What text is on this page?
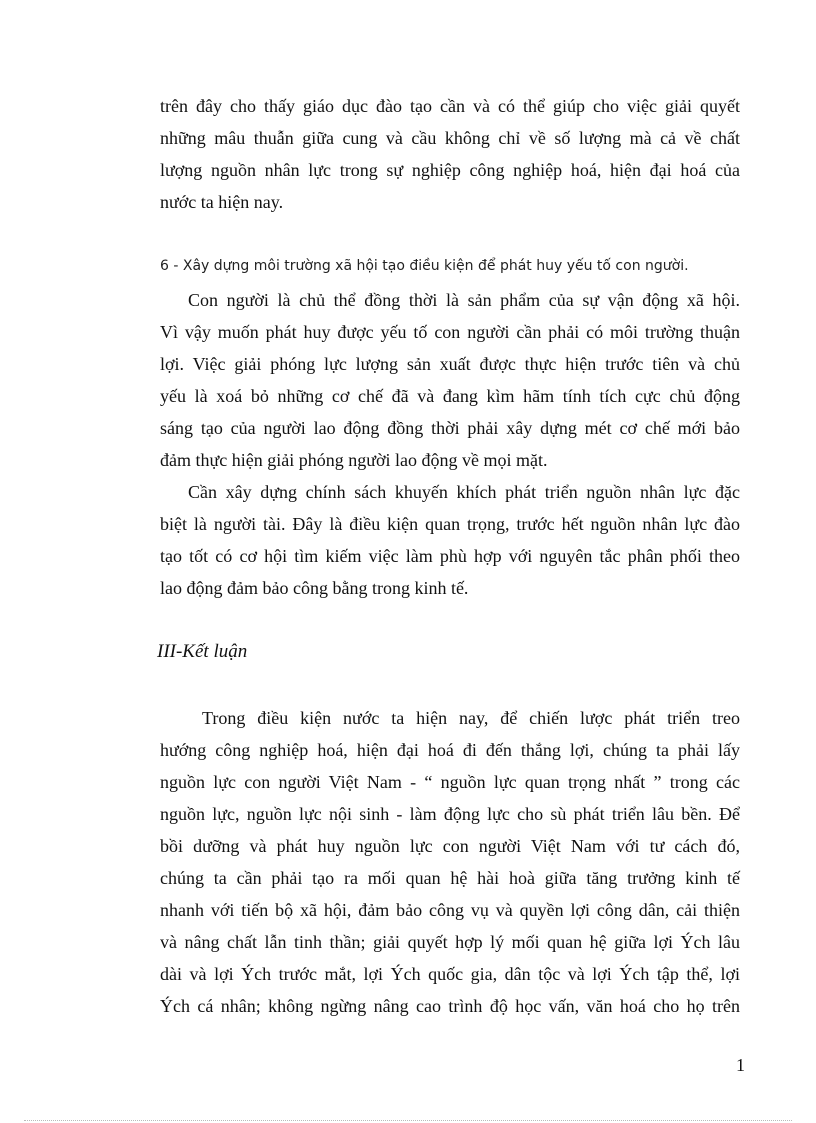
trên đây cho thấy giáo dục đào tạo cần và có thể giúp cho việc giải quyết
những mâu thuẫn giữa cung và cầu không chỉ về số lượng mà cả về chất
lượng nguồn nhân lực trong sự nghiệp công nghiệp hoá, hiện đại hoá của
nước ta hiện nay.

6 - Xây dựng môi trường xã hội tạo điều kiện để phát huy yếu tố con người.

Con người là chủ thể đồng thời là sản phẩm của sự vận động xã hội.
Vì vậy muốn phát huy được yếu tố con người cần phải có môi trường thuận
lợi. Việc giải phóng lực lượng sản xuất được thực hiện trước tiên và chủ
yếu là xoá bỏ những cơ chế đã và đang kìm hãm tính tích cực chủ động
sáng tạo của người lao động đồng thời phải xây dựng mét cơ chế mới bảo
đảm thực hiện giải phóng người lao động về mọi mặt.

Cần xây dựng chính sách khuyến khích phát triển nguồn nhân lực đặc
biệt là người tài. Đây là điều kiện quan trọng, trước hết nguồn nhân lực đào
tạo tốt có cơ hội tìm kiếm việc làm phù hợp với nguyên tắc phân phối theo
lao động đảm bảo công bằng trong kinh tế.

III-Kết luận

Trong điều kiện nước ta hiện nay, để chiến lược phát triển treo
hướng công nghiệp hoá, hiện đại hoá đi đến thắng lợi, chúng ta phải lấy
nguồn lực con người Việt Nam - “ nguồn lực quan trọng nhất ” trong các
nguồn lực, nguồn lực nội sinh - làm động lực cho sù phát triển lâu bền. Để
bồi dưỡng và phát huy nguồn lực con người Việt Nam với tư cách đó,
chúng ta cần phải tạo ra mối quan hệ hài hoà giữa tăng trưởng kinh tế
nhanh với tiến bộ xã hội, đảm bảo công vụ và quyền lợi công dân, cải thiện
và nâng chất lẫn tinh thần; giải quyết hợp lý mối quan hệ giữa lợi Ých lâu
dài và lợi Ých trước mắt, lợi Ých quốc gia, dân tộc và lợi Ých tập thể, lợi
Ých cá nhân; không ngừng nâng cao trình độ học vấn, văn hoá cho họ trên

1
